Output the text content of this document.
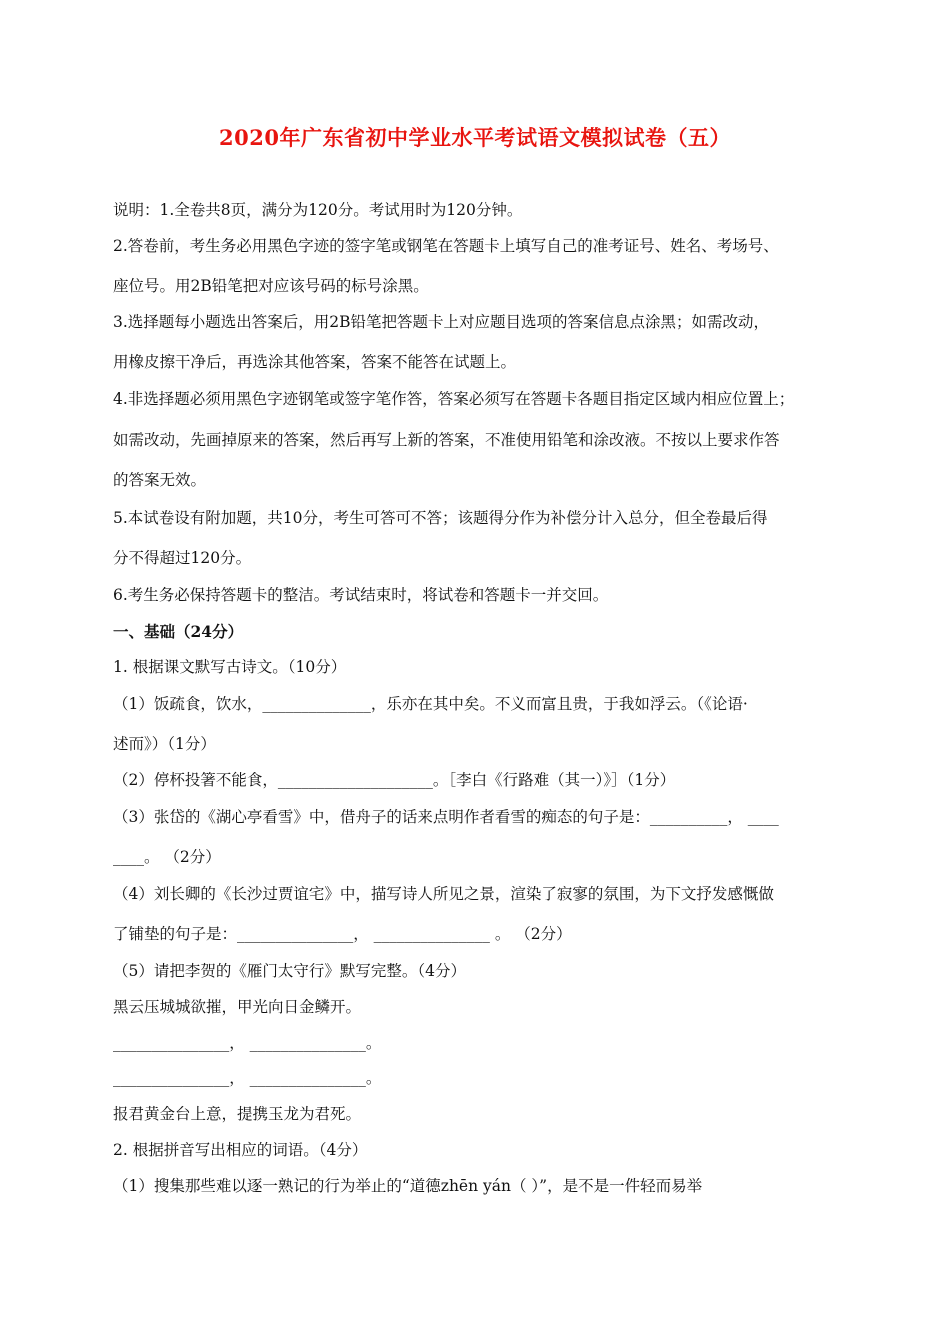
2020年广东省初中学业水平考试语文模拟试卷（五）
说明：1.全卷共8页，满分为120分。考试用时为120分钟。
2.答卷前，考生务必用黑色字迹的签字笔或钢笔在答题卡上填写自己的准考证号、姓名、考场号、
座位号。用2B铅笔把对应该号码的标号涂黑。
3.选择题每小题选出答案后，用2B铅笔把答题卡上对应题目选项的答案信息点涂黑；如需改动，
用橡皮擦干净后，再选涂其他答案，答案不能答在试题上。
4.非选择题必须用黑色字迹钢笔或签字笔作答，答案必须写在答题卡各题目指定区域内相应位置上；
如需改动，先画掉原来的答案，然后再写上新的答案，不准使用铅笔和涂改液。不按以上要求作答
的答案无效。
5.本试卷设有附加题，共10分，考生可答可不答；该题得分作为补偿分计入总分，但全卷最后得
分不得超过120分。
6.考生务必保持答题卡的整洁。考试结束时，将试卷和答题卡一并交回。
一、基础（24分）
1. 根据课文默写古诗文。（10分）
（1）饭疏食，饮水，______________，乐亦在其中矣。不义而富且贵，于我如浮云。（《论语·
述而》）（1分）
（2）停杯投箸不能食，____________________。［李白《行路难（其一）》］（1分）
（3）张岱的《湖心亭看雪》中，借舟子的话来点明作者看雪的痴态的句子是：__________， ____
____。 （2分）
（4）刘长卿的《长沙过贾谊宅》中，描写诗人所见之景，渲染了寂寥的氛围，为下文抒发感慨做
了铺垫的句子是：_______________， _______________ 。 （2分）
（5）请把李贺的《雁门太守行》默写完整。（4分）
黑云压城城欲摧，甲光向日金鳞开。
_______________， _______________。
_______________， _______________。
报君黄金台上意，提携玉龙为君死。
2. 根据拼音写出相应的词语。（4分）
（1）搜集那些难以逐一熟记的行为举止的“道德zhēn yán（ ）”，是不是一件轻而易举
